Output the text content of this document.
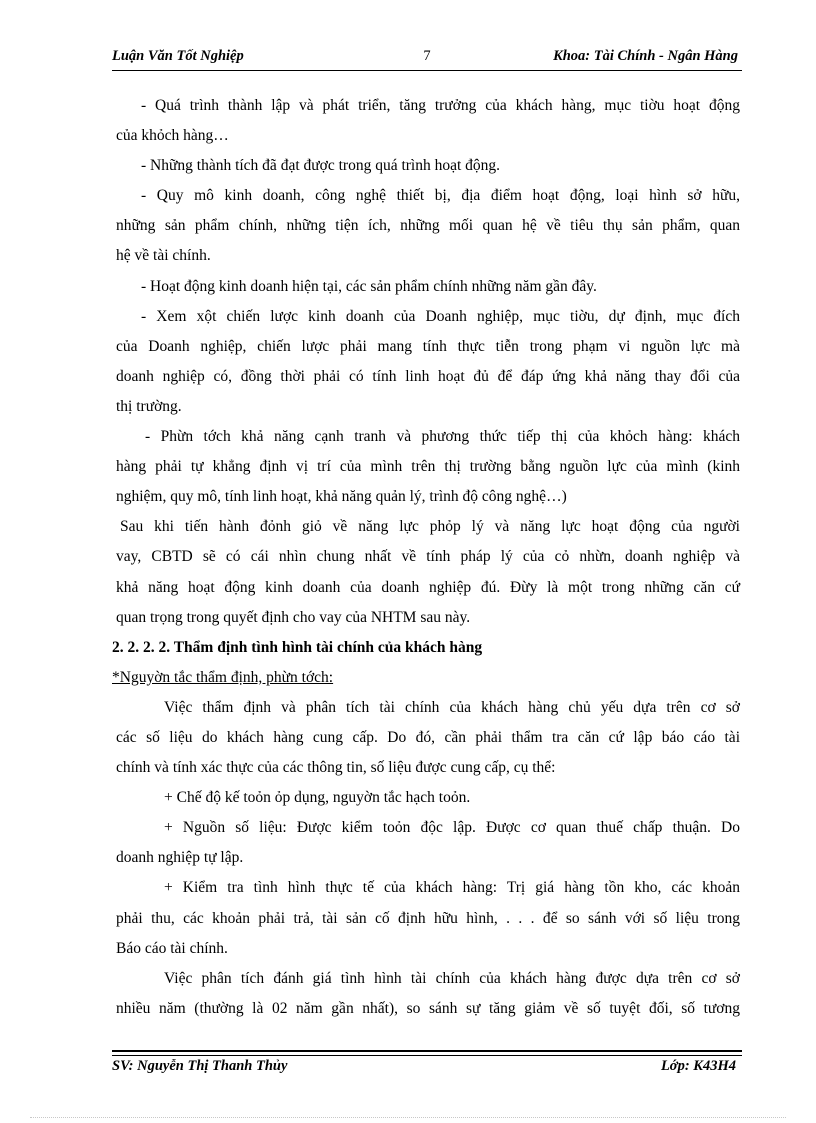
Luận Văn Tốt Nghiệp	7	Khoa: Tài Chính - Ngân Hàng
- Quá trình thành lập và phát triển, tăng trưởng của khách hàng, mục tiờu hoạt động
của khỏch hàng…
- Những thành tích đã đạt được trong quá trình hoạt động.
- Quy mô kinh doanh, công nghệ thiết bị, địa điểm hoạt động, loại hình sở hữu,
những sản phẩm chính, những tiện ích, những mối quan hệ về tiêu thụ sản phẩm, quan
hệ về tài chính.
- Hoạt động kinh doanh hiện tại, các sản phẩm chính những năm gần đây.
- Xem xột chiến lược kinh doanh của Doanh nghiệp, mục tiờu, dự định, mục đích
của Doanh nghiệp, chiến lược phải mang tính thực tiễn trong phạm vi nguồn lực mà
doanh nghiệp có, đồng thời phải có tính linh hoạt đủ để đáp ứng khả năng thay đổi của
thị trường.
- Phừn tớch khả năng cạnh tranh và phương thức tiếp thị của khỏch hàng: khách
hàng phải tự khẳng định vị trí của mình trên thị trường bằng nguồn lực của mình (kinh
nghiệm, quy mô, tính linh hoạt, khả năng quản lý, trình độ công nghệ…)
Sau khi tiến hành đỏnh giỏ về năng lực phỏp lý và năng lực hoạt động của người
vay, CBTD sẽ có cái nhìn chung nhất về tính pháp lý của cỏ nhừn, doanh nghiệp và
khả năng hoạt động kinh doanh của doanh nghiệp đú. Đừy là một trong những căn cứ
quan trọng trong quyết định cho vay của NHTM sau này.
2. 2. 2. 2. Thẩm định tình hình tài chính của khách hàng
*Nguyờn tắc thẩm định, phừn tớch:
Việc thẩm định và phân tích tài chính của khách hàng chủ yếu dựa trên cơ sở
các số liệu do khách hàng cung cấp. Do đó, cần phải thẩm tra căn cứ lập báo cáo tài
chính và tính xác thực của các thông tin, số liệu được cung cấp, cụ thể:
+ Chế độ kế toỏn ỏp dụng, nguyờn tắc hạch toỏn.
+ Nguồn số liệu: Được kiểm toỏn độc lập. Được cơ quan thuế chấp thuận. Do
doanh nghiệp tự lập.
+ Kiểm tra tình hình thực tế của khách hàng: Trị giá hàng tồn kho, các khoản
phải thu, các khoản phải trả, tài sản cố định hữu hình, . . . để so sánh với số liệu trong
Báo cáo tài chính.
Việc phân tích đánh giá tình hình tài chính của khách hàng được dựa trên cơ sở
nhiều năm (thường là 02 năm gần nhất), so sánh sự tăng giảm về số tuyệt đối, số tương
SV: Nguyễn Thị Thanh Thủy	Lớp: K43H4
